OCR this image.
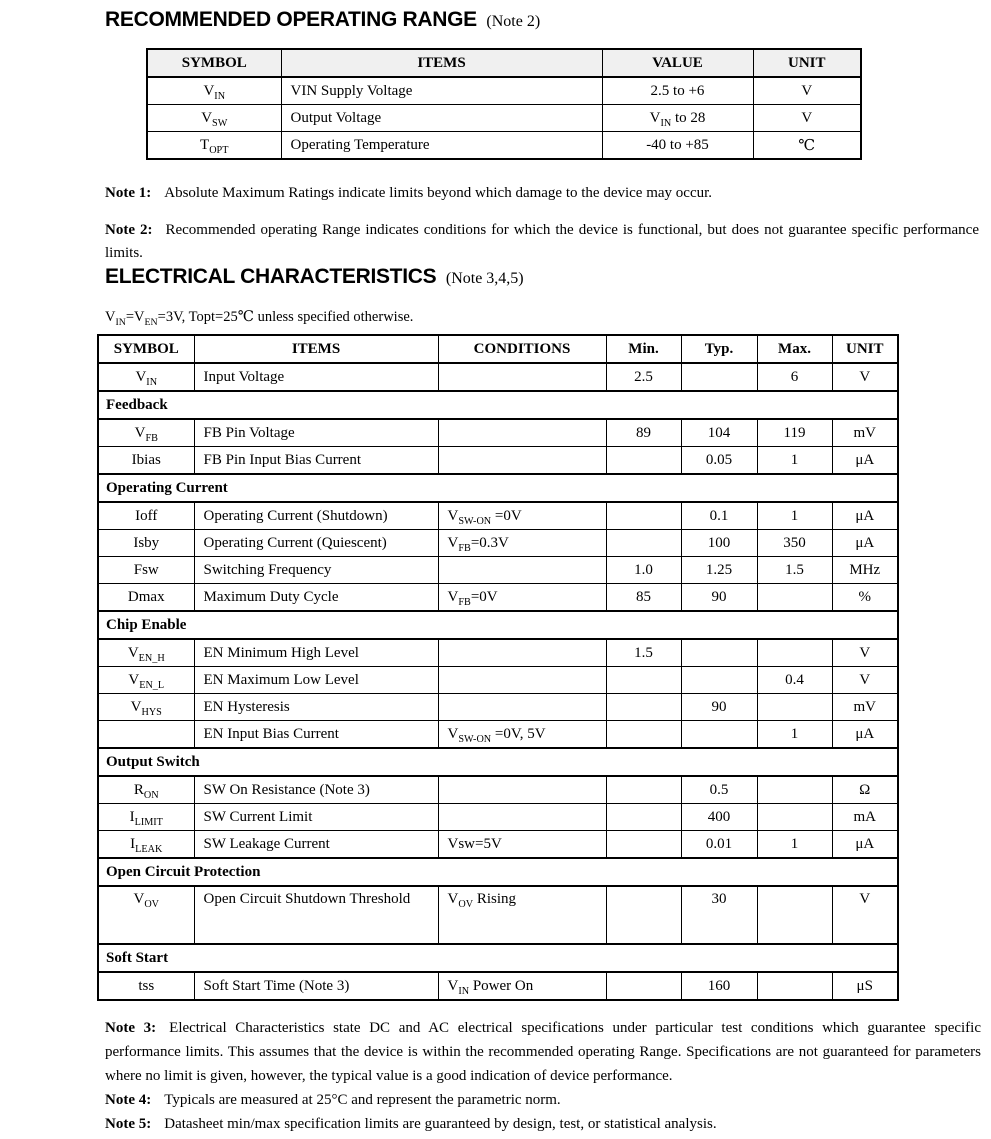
RECOMMENDED OPERATING RANGE (Note 2)
SYMBOL	ITEMS	VALUE	UNIT
$V_{IN}$	VIN Supply Voltage	2.5 to +6	V
$V_{SW}$	Output Voltage	$V_{IN}$ to 28	V
$T_{OPT}$	Operating Temperature	-40 to +85	℃

Note 1: Absolute Maximum Ratings indicate limits beyond which damage to the device may occur.

Note 2: Recommended operating Range indicates conditions for which the device is functional, but does not guarantee specific performance limits.

ELECTRICAL CHARACTERISTICS (Note 3,4,5)

$V_{IN}=V_{EN}=3V$, Topt=25℃ unless specified otherwise.

SYMBOL	ITEMS	CONDITIONS	Min.	Typ.	Max.	UNIT
$V_{IN}$	Input Voltage		2.5		6	V
Feedback						
$V_{FB}$	FB Pin Voltage		89	104	119	mV
Ibias	FB Pin Input Bias Current			0.05	1	μA
Operating Current						
Ioff	Operating Current (Shutdown)	$V_{SW-ON} =0V$		0.1	1	μA
Isby	Operating Current (Quiescent)	$V_{FB}=0.3V$		100	350	μA
Fsw	Switching Frequency		1.0	1.25	1.5	MHz
Dmax	Maximum Duty Cycle	$V_{FB}=0V$	85	90		%
Chip Enable						
$V_{EN\_H}$	EN Minimum High Level		1.5			V
$V_{EN\_L}$	EN Maximum Low Level				0.4	V
$V_{HYS}$	EN Hysteresis			90		mV
	EN Input Bias Current	$V_{SW-ON} =0V$, 5V			1	μA
Output Switch						
$R_{ON}$	SW On Resistance (Note 3)			0.5		Ω
$I_{LIMIT}$	SW Current Limit			400		mA
$I_{LEAK}$	SW Leakage Current	Vsw=5V		0.01	1	μA
Open Circuit Protection						
$V_{OV}$	Open Circuit Shutdown Threshold	$V_{OV}$ Rising		30		V
Soft Start						
tss	Soft Start Time (Note 3)	$V_{IN}$ Power On		160		μS

Note 3: Electrical Characteristics state DC and AC electrical specifications under particular test conditions which guarantee specific performance limits. This assumes that the device is within the recommended operating Range. Specifications are not guaranteed for parameters where no limit is given, however, the typical value is a good indication of device performance.

Note 4: Typicals are measured at 25°C and represent the parametric norm.

Note 5: Datasheet min/max specification limits are guaranteed by design, test, or statistical analysis.
